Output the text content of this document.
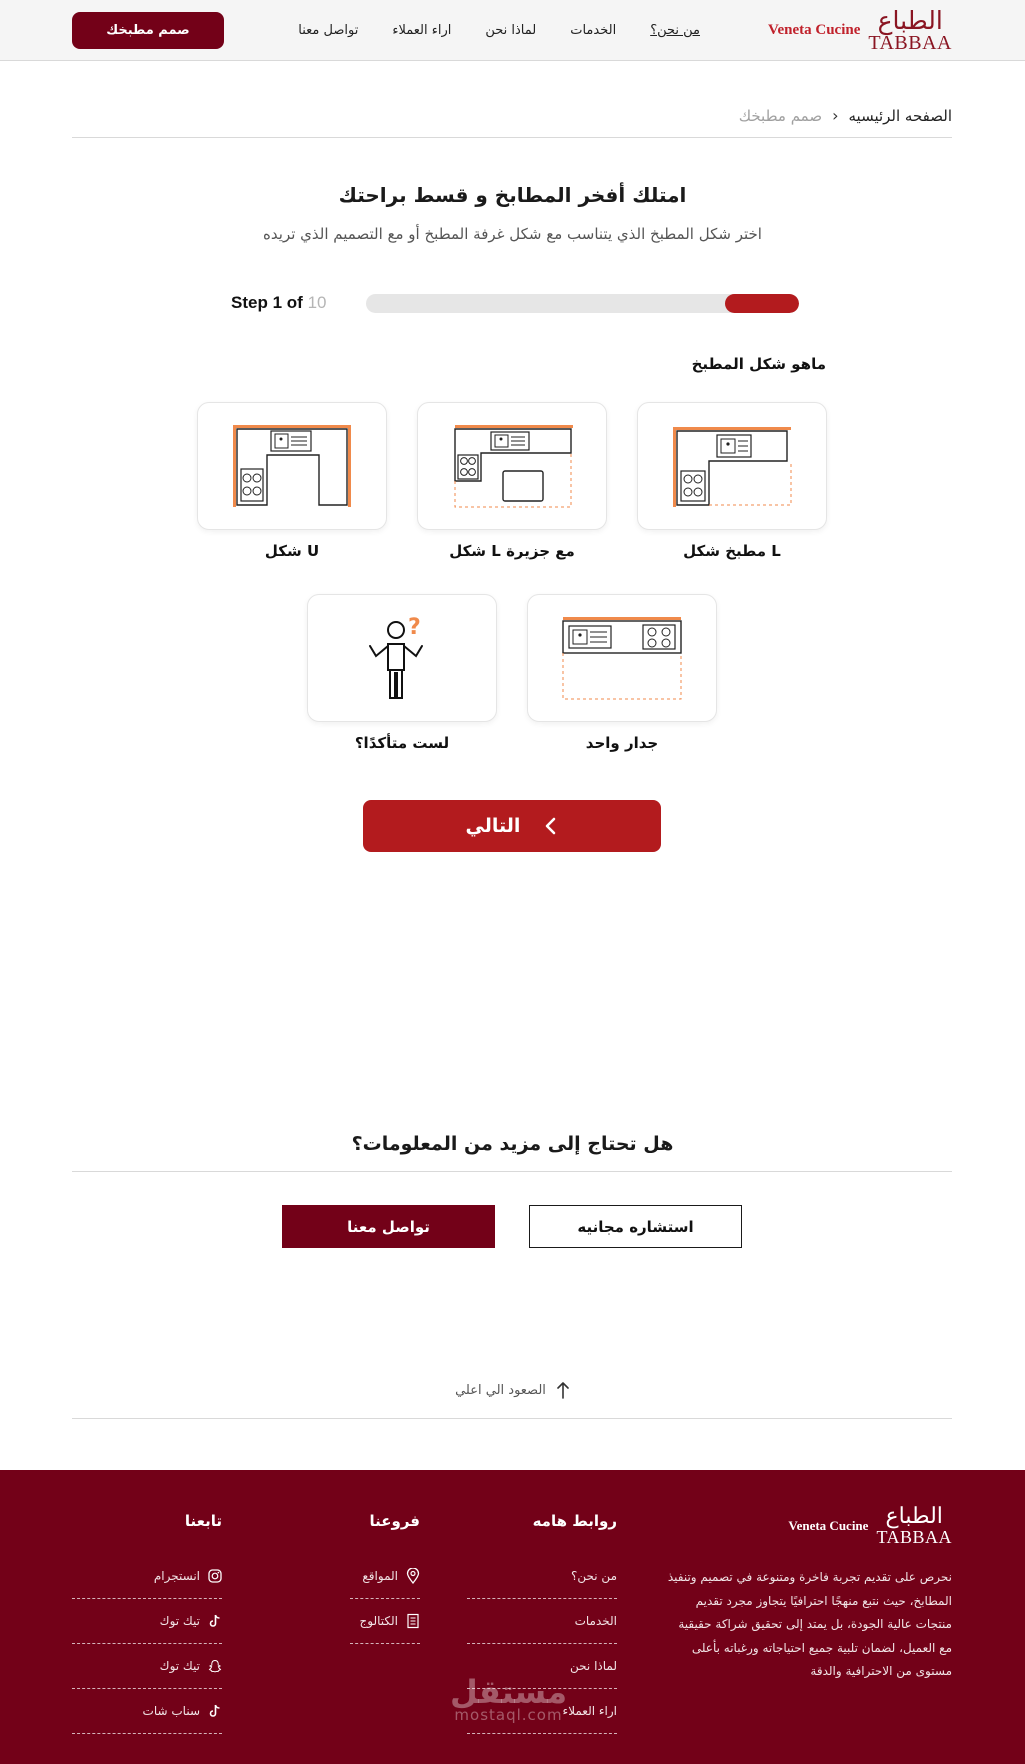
الطباع
TABBAA
Veneta Cucine
من نحن؟
الخدمات
لماذا نحن
اراء العملاء
تواصل معنا
صمم مطبخك
الصفحه الرئيسيه
›
صمم مطبخك
امتلك أفخر المطابخ و قسط براحتك
اختر شكل المطبخ الذي يتناسب مع شكل غرفة المطبخ أو مع التصميم الذي تريده
Step 1 of 10
ماهو شكل المطبخ
مطبخ شكل L
شكل L مع جزيرة
شكل U
جدار واحد
?
لست متأكدًا؟
التالي
هل تحتاج إلى مزيد من المعلومات؟
استشاره مجانيه
تواصل معنا
الصعود الي اعلي
الطباع
TABBAA
Veneta Cucine
نحرص على تقديم تجربة فاخرة ومتنوعة في تصميم وتنفيذ المطابخ، حيث نتبع منهجًا احترافيًا يتجاوز مجرد تقديم منتجات عالية الجودة، بل يمتد إلى تحقيق شراكة حقيقية مع العميل، لضمان تلبية جميع احتياجاته ورغباته بأعلى مستوى من الاحترافية والدقة
روابط هامه
من نحن؟
الخدمات
لماذا نحن
اراء العملاء
فروعنا
المواقع
الكتالوج
تابعنا
انستجرام
تيك توك
تيك توك
سناب شات	مستقل
mostaql.com
